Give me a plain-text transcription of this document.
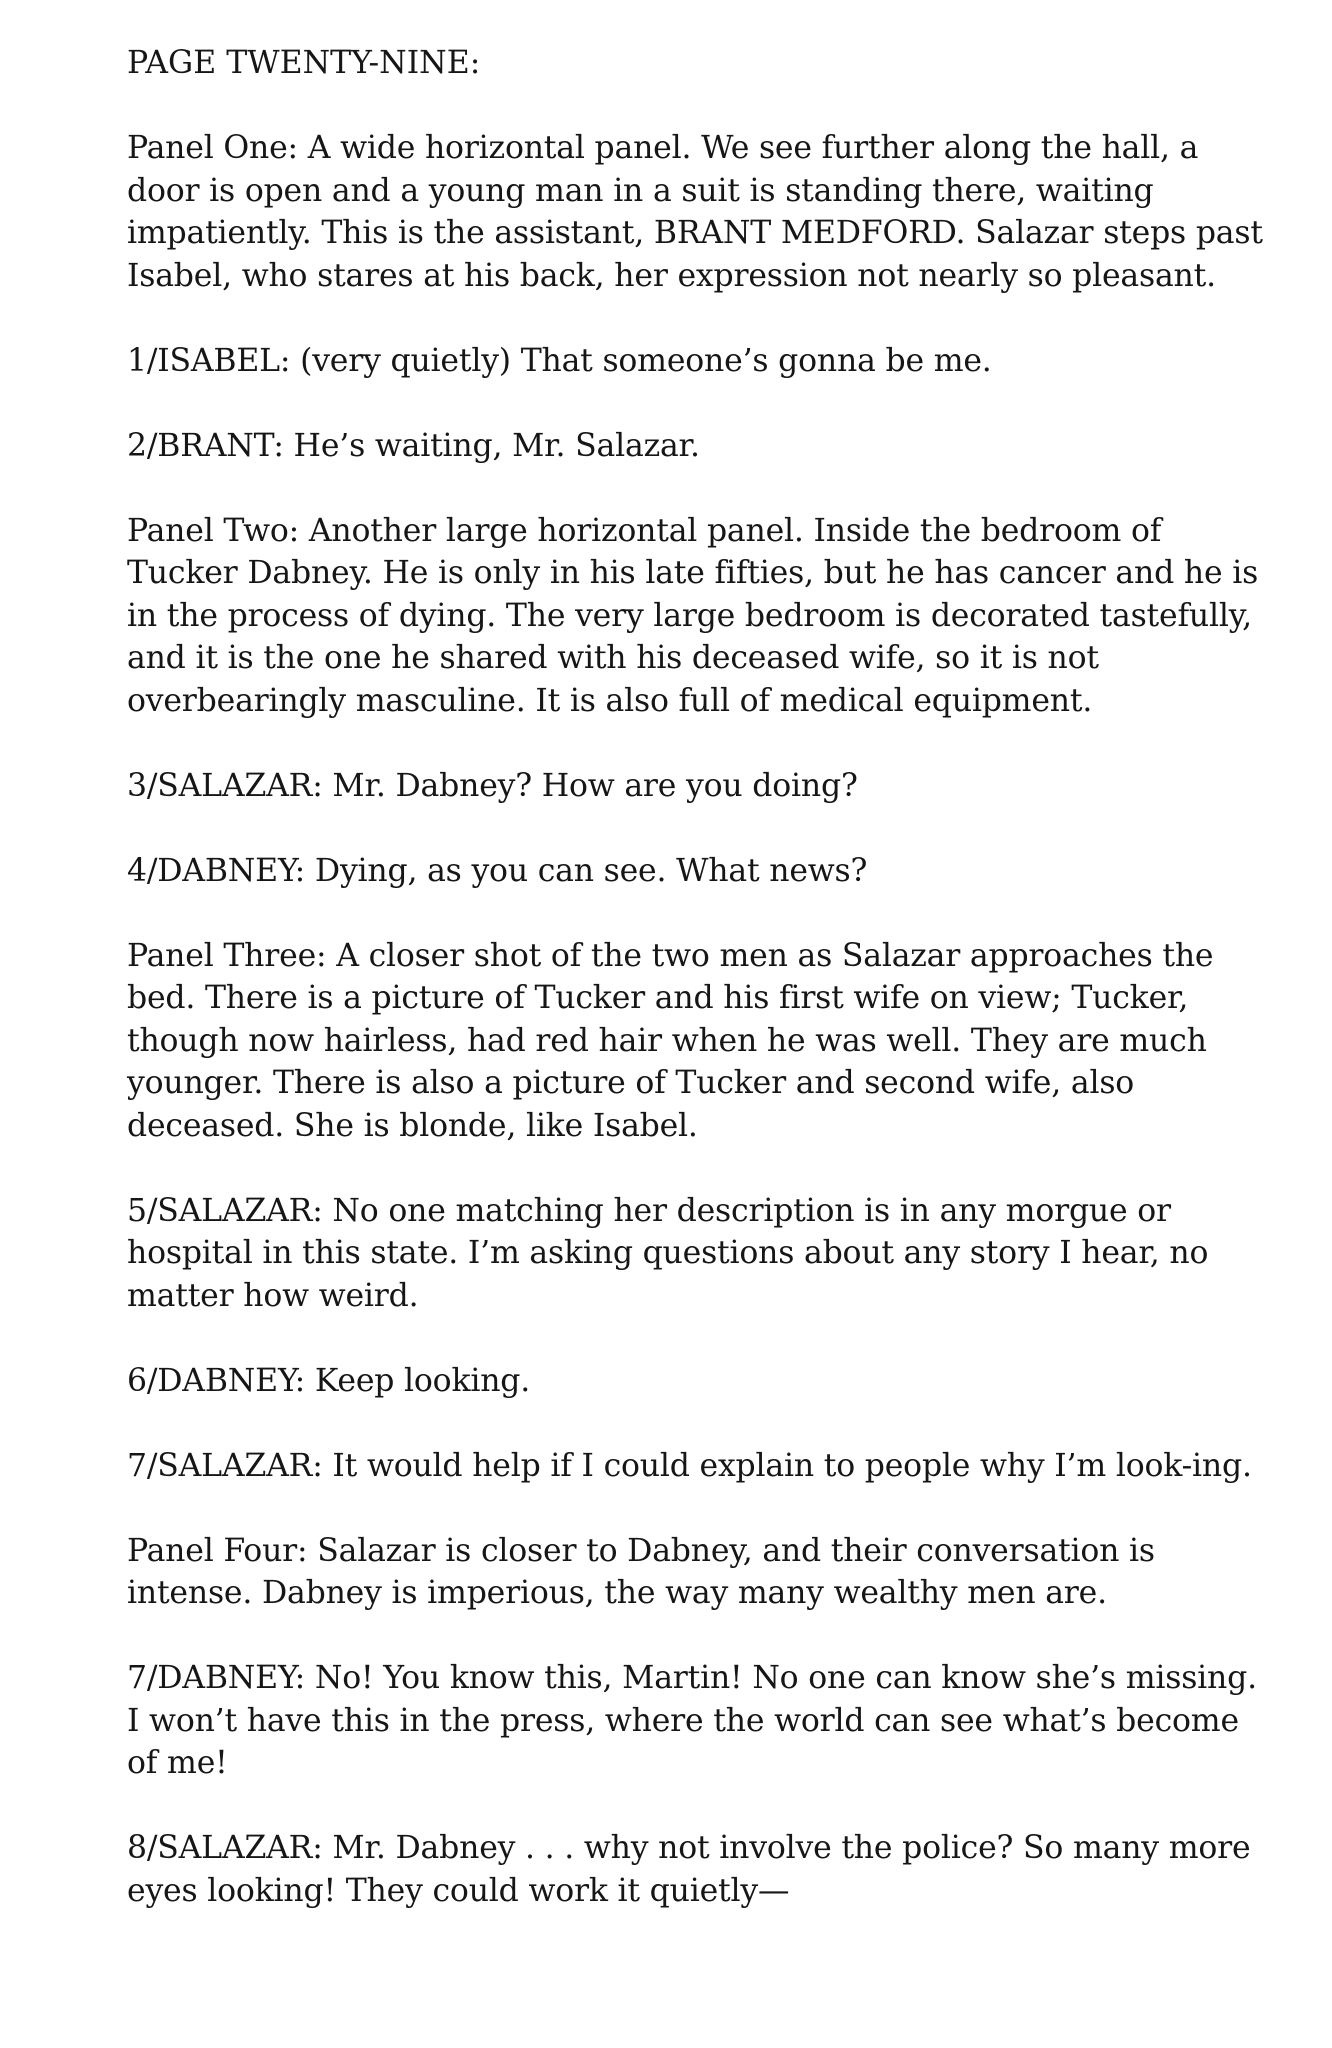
PAGE TWENTY-NINE:
Panel One: A wide horizontal panel. We see further along the hall, a door is open and a young man in a suit is standing there, waiting impatiently. This is the assistant, BRANT MEDFORD. Salazar steps past Isabel, who stares at his back, her expression not nearly so pleasant.
1/ISABEL: (very quietly) That someone’s gonna be me.
2/BRANT: He’s waiting, Mr. Salazar.
Panel Two: Another large horizontal panel. Inside the bedroom of Tucker Dabney. He is only in his late fifties, but he has cancer and he is in the process of dying. The very large bedroom is decorated tastefully, and it is the one he shared with his deceased wife, so it is not overbearingly masculine. It is also full of medical equipment.
3/SALAZAR: Mr. Dabney? How are you doing?
4/DABNEY: Dying, as you can see. What news?
Panel Three: A closer shot of the two men as Salazar approaches the bed. There is a picture of Tucker and his first wife on view; Tucker, though now hairless, had red hair when he was well. They are much younger. There is also a picture of Tucker and second wife, also deceased. She is blonde, like Isabel.
5/SALAZAR: No one matching her description is in any morgue or hospital in this state. I’m asking questions about any story I hear, no matter how weird.
6/DABNEY: Keep looking.
7/SALAZAR: It would help if I could explain to people why I’m look-ing.
Panel Four: Salazar is closer to Dabney, and their conversation is intense. Dabney is imperious, the way many wealthy men are.
7/DABNEY: No! You know this, Martin! No one can know she’s missing. I won’t have this in the press, where the world can see what’s become of me!
8/SALAZAR: Mr. Dabney . . . why not involve the police? So many more eyes looking! They could work it quietly—
